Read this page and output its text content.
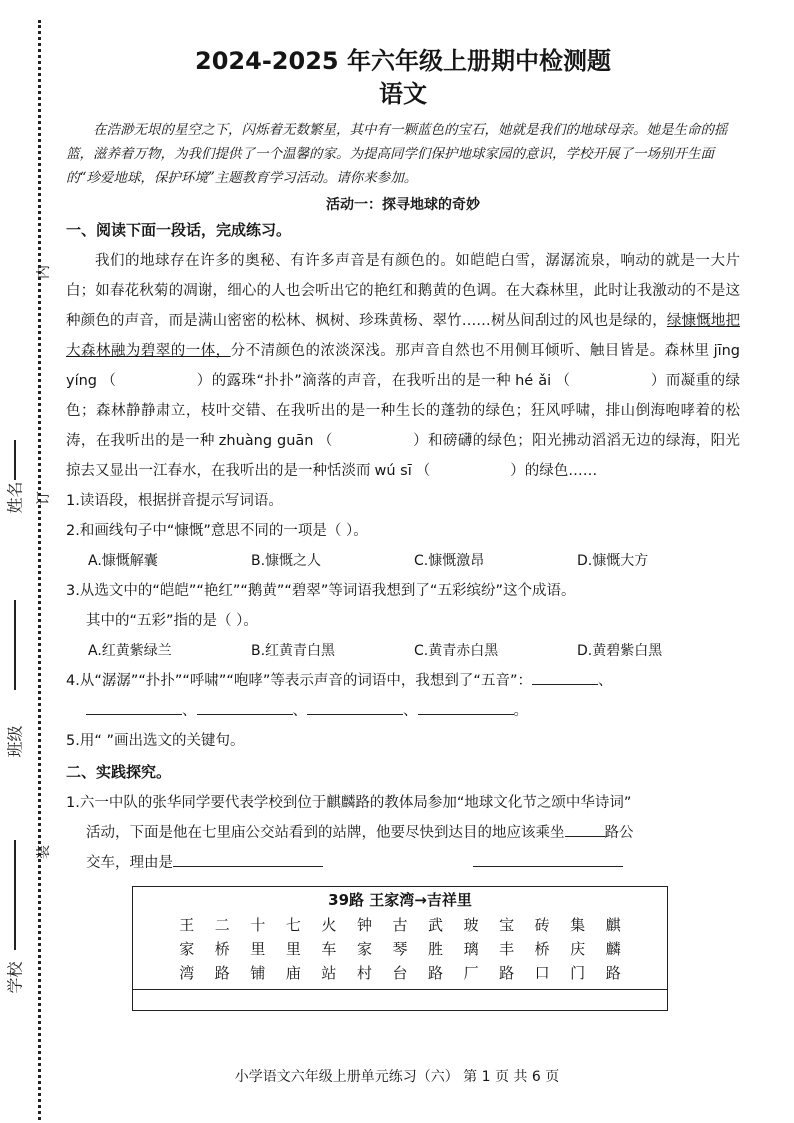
姓名
班级
学校
内
订
装
2024-2025 年六年级上册期中检测题
语文

在浩渺无垠的星空之下，闪烁着无数繁星，其中有一颗蓝色的宝石，她就是我们的地球母亲。她是生命的摇篮，滋养着万物，为我们提供了一个温馨的家。为提高同学们保护地球家园的意识，学校开展了一场别开生面的“珍爱地球，保护环境”主题教育学习活动。请你来参加。

活动一：探寻地球的奇妙
一、阅读下面一段话，完成练习。

我们的地球存在许多的奥秘、有许多声音是有颜色的。如皑皑白雪，潺潺流泉，响动的就是一大片白；如春花秋菊的凋谢，细心的人也会听出它的艳红和鹅黄的色调。在大森林里，此时让我激动的不是这种颜色的声音，而是满山密密的松林、枫树、珍珠黄杨、翠竹……树丛间刮过的风也是绿的，绿慷慨地把大森林融为碧翠的一体，分不清颜色的浓淡深浅。那声音自然也不用侧耳倾听、触目皆是。森林里 jīng yíng （	）的露珠“扑扑”滴落的声音，在我听出的是一种 hé ǎi （	）而凝重的绿色；森林静静肃立，枝叶交错、在我听出的是一种生长的蓬勃的绿色；狂风呼啸，排山倒海咆哮着的松涛，在我听出的是一种 zhuàng guān （	）和磅礴的绿色；阳光拂动滔滔无边的绿海，阳光掠去又显出一江春水，在我听出的是一种恬淡而 wú sī （	）的绿色……

1.读语段，根据拼音提示写词语。

2.和画线句子中“慷慨”意思不同的一项是（ ）。

A.慷慨解囊	B.慷慨之人	C.慷慨激昂	D.慷慨大方

3.从选文中的“皑皑”“艳红”“鹅黄”“碧翠”等词语我想到了“五彩缤纷”这个成语。

其中的“五彩”指的是（ ）。

A.红黄紫绿兰	B.红黄青白黑	C.黄青赤白黑	D.黄碧紫白黑

4.从“潺潺”“扑扑”“呼啸”“咆哮”等表示声音的词语中，我想到了“五音”：	、

、	、	、	。

5.用“ ”画出选文的关键句。

二、实践探究。

1.六一中队的张华同学要代表学校到位于麒麟路的教体局参加“地球文化节之颂中华诗词”

活动，下面是他在七里庙公交站看到的站牌，他要尽快到达目的地应该乘坐	路公

交车，理由是

39路 王家湾→吉祥里
王	二	十	七	火	钟	古	武	玻	宝	砖	集	麒
家	桥	里	里	车	家	琴	胜	璃	丰	桥	庆	麟
湾	路	铺	庙	站	村	台	路	厂	路	口	门	路
小学语文六年级上册单元练习（六） 第 1 页 共 6 页
